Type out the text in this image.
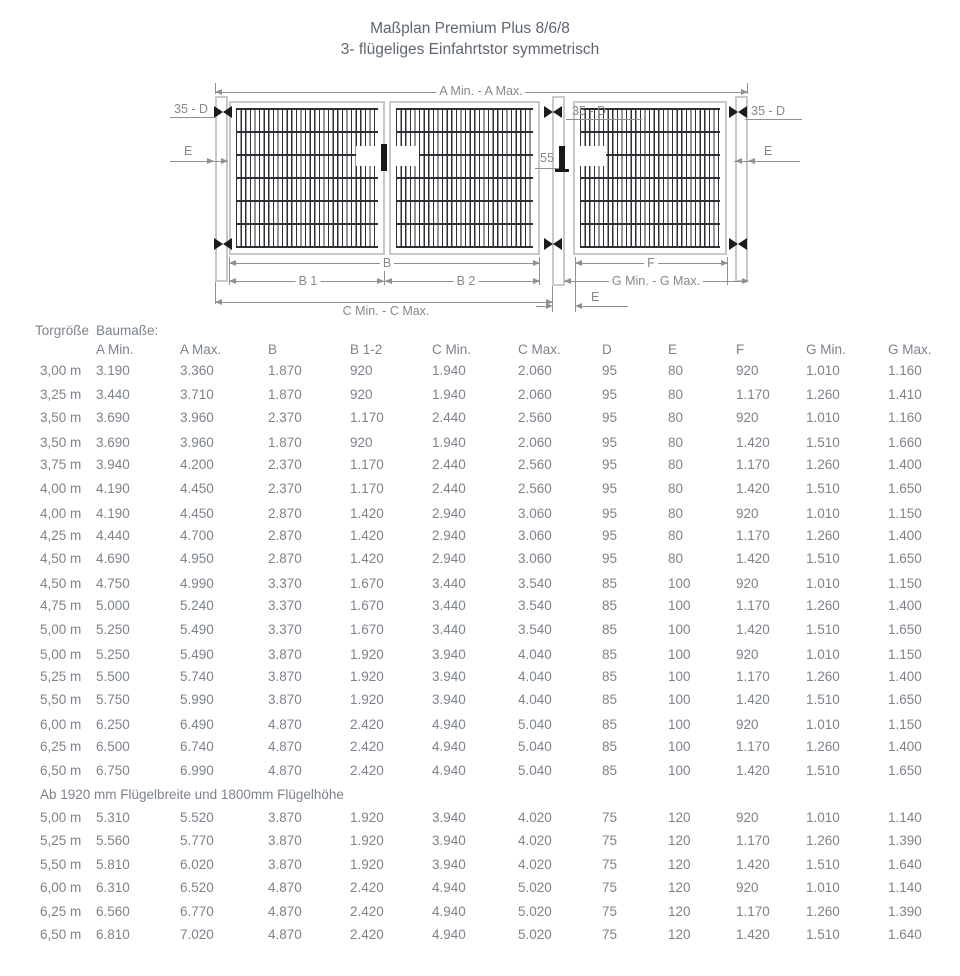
Maßplan Premium Plus 8/6/8
3- flügeliges Einfahrtstor symmetrisch
A Min. - A Max.
35 - D
E
35 - D
55
35 - D
E
B
B 1	B 2
C Min. - C Max.
F
G Min. - G Max.
E
Torgröße	Baumaße:										
	A Min.	A Max.	B	B 1-2	C Min.	C Max.	D	E	F	G Min.	G Max.
3,00 m	3.190	3.360	1.870	920	1.940	2.060	95	80	920	1.010	1.160
3,25 m	3.440	3.710	1.870	920	1.940	2.060	95	80	1.170	1.260	1.410
3,50 m	3.690	3.960	2.370	1.170	2.440	2.560	95	80	920	1.010	1.160
3,50 m	3.690	3.960	1.870	920	1.940	2.060	95	80	1.420	1.510	1.660
3,75 m	3.940	4.200	2.370	1.170	2.440	2.560	95	80	1.170	1.260	1.400
4,00 m	4.190	4.450	2.370	1.170	2.440	2.560	95	80	1.420	1.510	1.650
4,00 m	4.190	4.450	2.870	1.420	2.940	3.060	95	80	920	1.010	1.150
4,25 m	4.440	4.700	2.870	1.420	2.940	3.060	95	80	1.170	1.260	1.400
4,50 m	4.690	4.950	2.870	1.420	2.940	3.060	95	80	1.420	1.510	1.650
4,50 m	4.750	4.990	3.370	1.670	3.440	3.540	85	100	920	1.010	1.150
4,75 m	5.000	5.240	3.370	1.670	3.440	3.540	85	100	1.170	1.260	1.400
5,00 m	5.250	5.490	3.370	1.670	3.440	3.540	85	100	1.420	1.510	1.650
5,00 m	5.250	5.490	3.870	1.920	3.940	4.040	85	100	920	1.010	1.150
5,25 m	5.500	5.740	3.870	1.920	3.940	4.040	85	100	1.170	1.260	1.400
5,50 m	5.750	5.990	3.870	1.920	3.940	4.040	85	100	1.420	1.510	1.650
6,00 m	6.250	6.490	4.870	2.420	4.940	5.040	85	100	920	1.010	1.150
6,25 m	6.500	6.740	4.870	2.420	4.940	5.040	85	100	1.170	1.260	1.400
6,50 m	6.750	6.990	4.870	2.420	4.940	5.040	85	100	1.420	1.510	1.650
Ab 1920 mm Flügelbreite und 1800mm Flügelhöhe											
5,00 m	5.310	5.520	3.870	1.920	3.940	4.020	75	120	920	1.010	1.140
5,25 m	5.560	5.770	3.870	1.920	3.940	4.020	75	120	1.170	1.260	1.390
5,50 m	5.810	6.020	3.870	1.920	3.940	4.020	75	120	1.420	1.510	1.640
6,00 m	6.310	6.520	4.870	2.420	4.940	5.020	75	120	920	1.010	1.140
6,25 m	6.560	6.770	4.870	2.420	4.940	5.020	75	120	1.170	1.260	1.390
6,50 m	6.810	7.020	4.870	2.420	4.940	5.020	75	120	1.420	1.510	1.640
